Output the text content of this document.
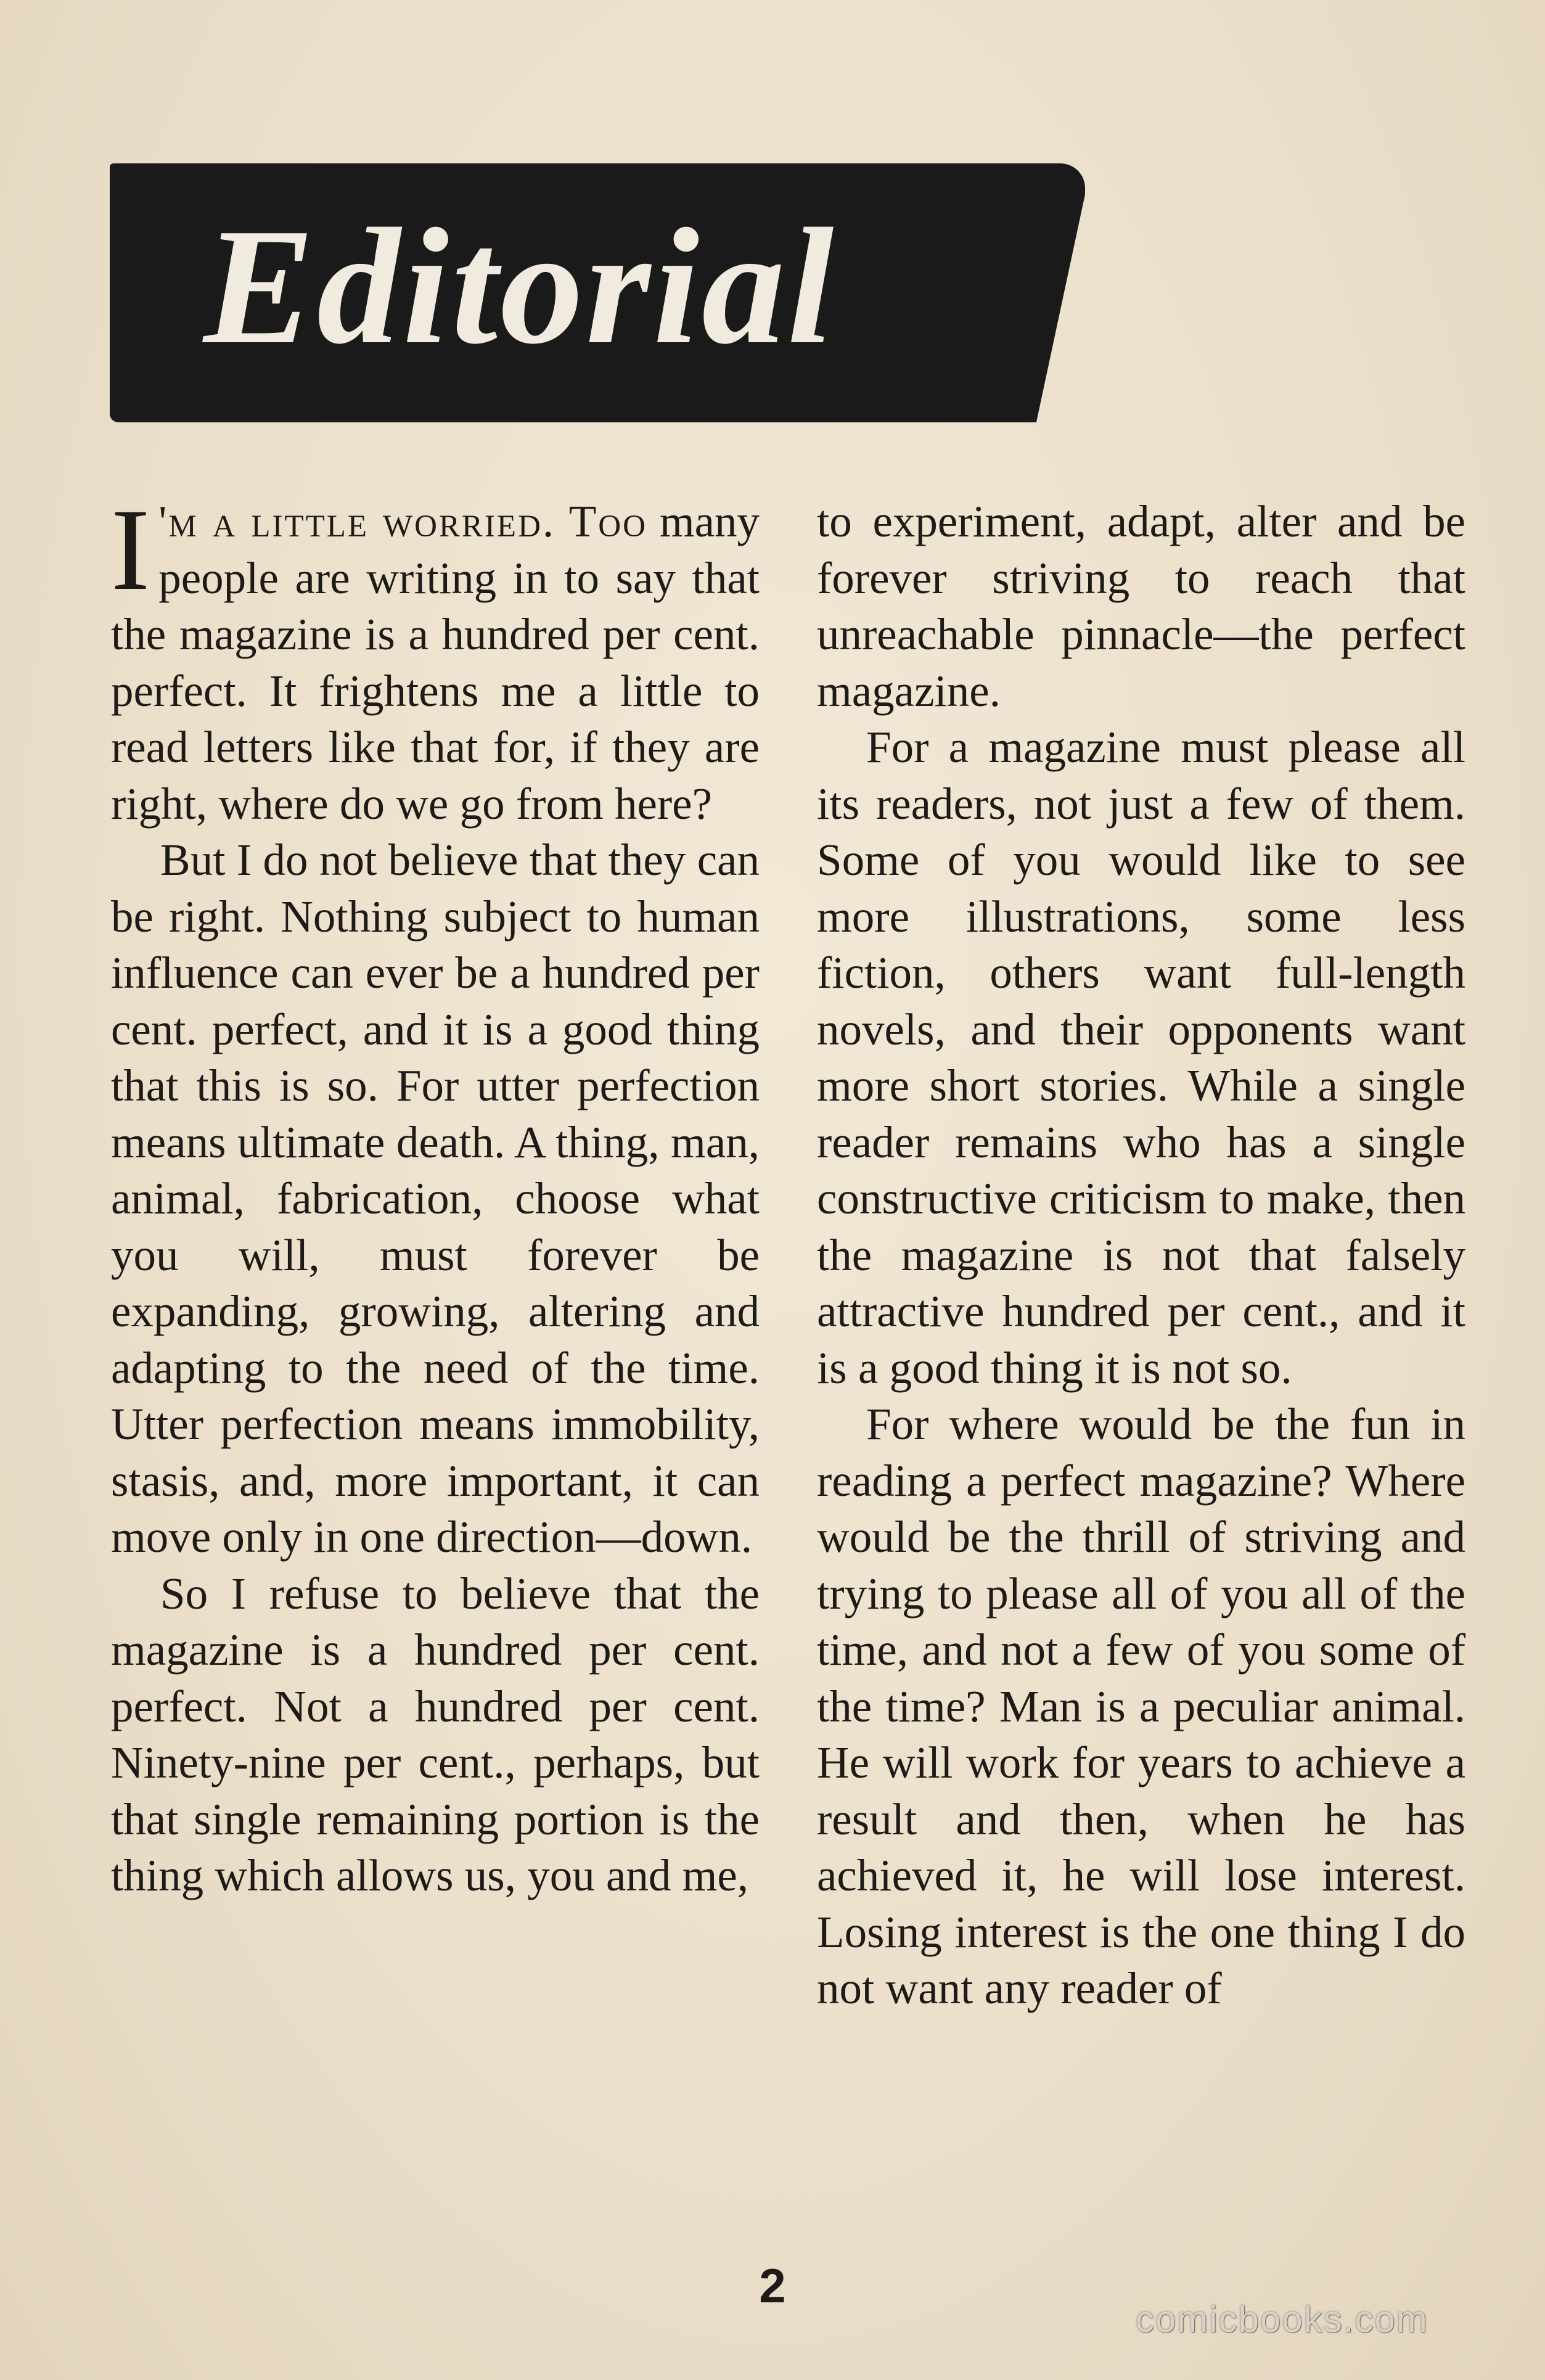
Editorial

I 'm a little worried. Too many people are writing in to say that the magazine is a hundred per cent. perfect. It frightens me a little to read letters like that for, if they are right, where do we go from here?

But I do not believe that they can be right. Nothing subject to human influence can ever be a hundred per cent. perfect, and it is a good thing that this is so. For utter perfection means ultimate death. A thing, man, animal, fabrication, choose what you will, must forever be expanding, growing, altering and adapting to the need of the time. Utter perfection means immobility, stasis, and, more important, it can move only in one direction—down.

So I refuse to believe that the magazine is a hundred per cent. perfect. Not a hundred per cent. Ninety-nine per cent., perhaps, but that single remaining portion is the thing which allows us, you and me,

to experiment, adapt, alter and be forever striving to reach that unreachable pinnacle—the perfect magazine.

For a magazine must please all its readers, not just a few of them. Some of you would like to see more illustrations, some less fiction, others want full-length novels, and their opponents want more short stories. While a single reader remains who has a single constructive criticism to make, then the magazine is not that falsely attractive hundred per cent., and it is a good thing it is not so.

For where would be the fun in reading a perfect magazine? Where would be the thrill of striving and trying to please all of you all of the time, and not a few of you some of the time? Man is a peculiar animal. He will work for years to achieve a result and then, when he has achieved it, he will lose interest. Losing interest is the one thing I do not want any reader of

2
comicbooks.com
